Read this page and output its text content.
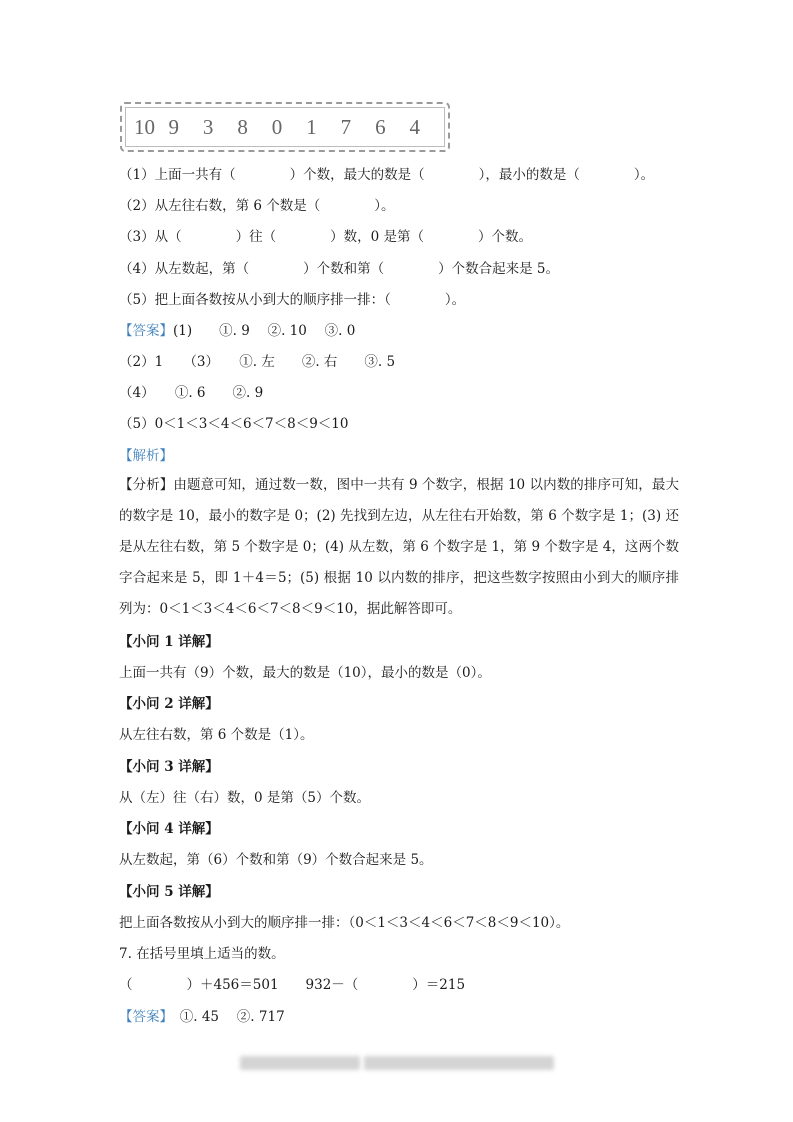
10 9	3	8	0	1	7	6	4
（1）上面一共有（　　　　）个数，最大的数是（　　　　），最小的数是（　　　　）。
（2）从左往右数，第 6 个数是（　　　　）。
（3）从（　　　　）往（　　　　）数，0 是第（　　　　）个数。
（4）从左数起，第（　　　　）个数和第（　　　　）个数合起来是 5。
（5）把上面各数按从小到大的顺序排一排：（　　　　）。
【答案】(1)　　①. 9　 ②. 10　 ③. 0
（2）1　　（3）　　①. 左　　②. 右　　③. 5
（4）　　①. 6　　②. 9
（5）0＜1＜3＜4＜6＜7＜8＜9＜10
【解析】
【分析】由题意可知，通过数一数，图中一共有 9 个数字，根据 10 以内数的排序可知，最大的数字是 10，最小的数字是 0；(2) 先找到左边，从左往右开始数，第 6 个数字是 1；(3) 还是从左往右数，第 5 个数字是 0；(4) 从左数，第 6 个数字是 1，第 9 个数字是 4，这两个数字合起来是 5，即 1＋4＝5；(5) 根据 10 以内数的排序，把这些数字按照由小到大的顺序排列为：0＜1＜3＜4＜6＜7＜8＜9＜10，据此解答即可。
【小问 1 详解】
上面一共有（9）个数，最大的数是（10），最小的数是（0）。
【小问 2 详解】
从左往右数，第 6 个数是（1）。
【小问 3 详解】
从（左）往（右）数，0 是第（5）个数。
【小问 4 详解】
从左数起，第（6）个数和第（9）个数合起来是 5。
【小问 5 详解】
把上面各数按从小到大的顺序排一排：（0＜1＜3＜4＜6＜7＜8＜9＜10）。
7. 在括号里填上适当的数。
（　　　　）＋456＝501　　932－（　　　　）＝215
【答案】　①. 45　 ②. 717
